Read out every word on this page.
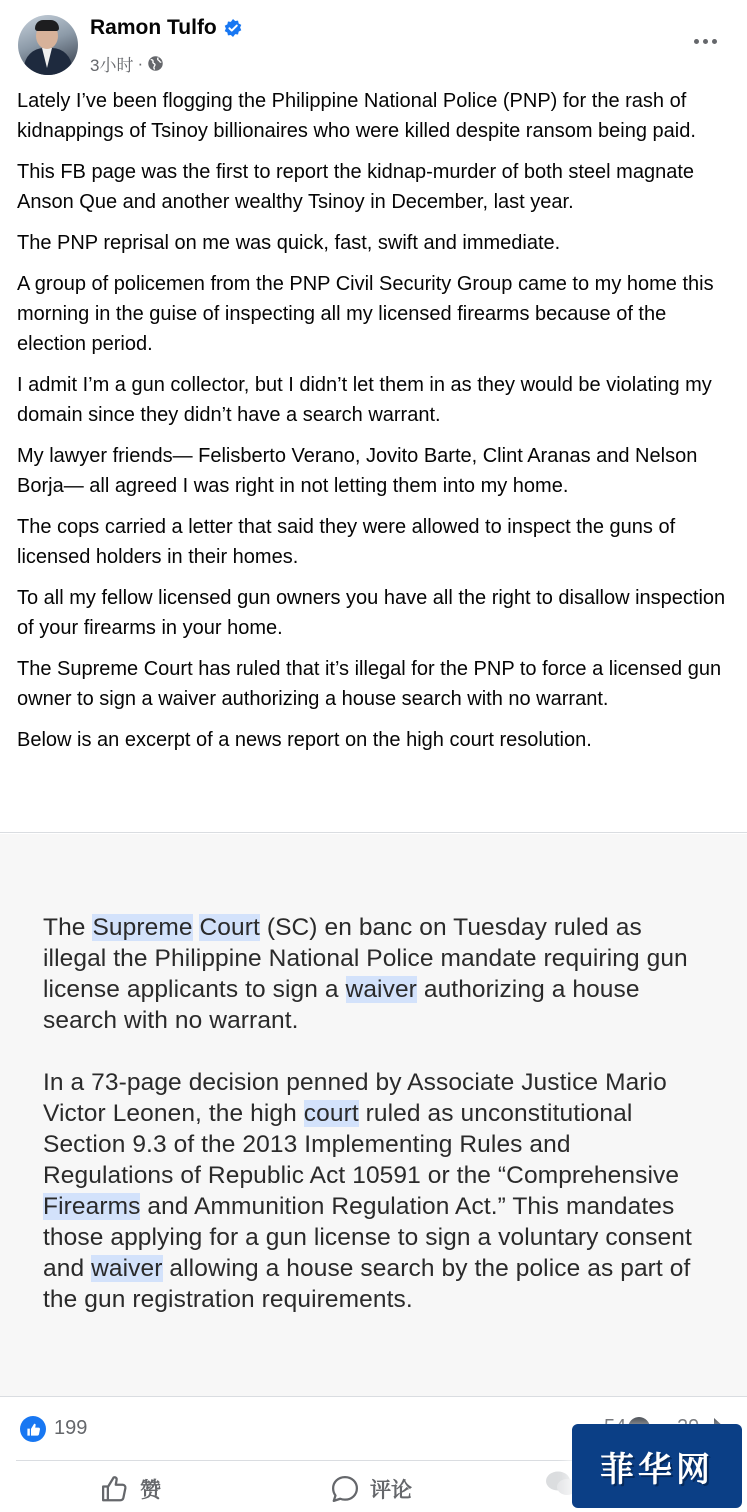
Ramon Tulfo
3小时 ·

Lately I’ve been flogging the Philippine National Police (PNP) for the rash of kidnappings of Tsinoy billionaires who were killed despite ransom being paid.

This FB page was the first to report the kidnap-murder of both steel magnate Anson Que and another wealthy Tsinoy in December, last year.

The PNP reprisal on me was quick, fast, swift and immediate.

A group of policemen from the PNP Civil Security Group came to my home this morning in the guise of inspecting all my licensed firearms because of the election period.

I admit I’m a gun collector, but I didn’t let them in as they would be violating my domain since they didn’t have a search warrant.

My lawyer friends— Felisberto Verano, Jovito Barte, Clint Aranas and Nelson Borja— all agreed I was right in not letting them into my home.

The cops carried a letter that said they were allowed to inspect the guns of licensed holders in their homes.

To all my fellow licensed gun owners you have all the right to disallow inspection of your firearms in your home.

The Supreme Court has ruled that it’s illegal for the PNP to force a licensed gun owner to sign a waiver authorizing a house search with no warrant.

Below is an excerpt of a news report on the high court resolution.

The Supreme Court (SC) en banc on Tuesday ruled as illegal the Philippine National Police mandate requiring gun license applicants to sign a waiver authorizing a house search with no warrant.

In a 73-page decision penned by Associate Justice Mario Victor Leonen, the high court ruled as unconstitutional Section 9.3 of the 2013 Implementing Rules and Regulations of Republic Act 10591 or the “Comprehensive Firearms and Ammunition Regulation Act.” This mandates those applying for a gun license to sign a voluntary consent and waiver allowing a house search by the police as part of the gun registration requirements.

199
赞	评论
菲华网
